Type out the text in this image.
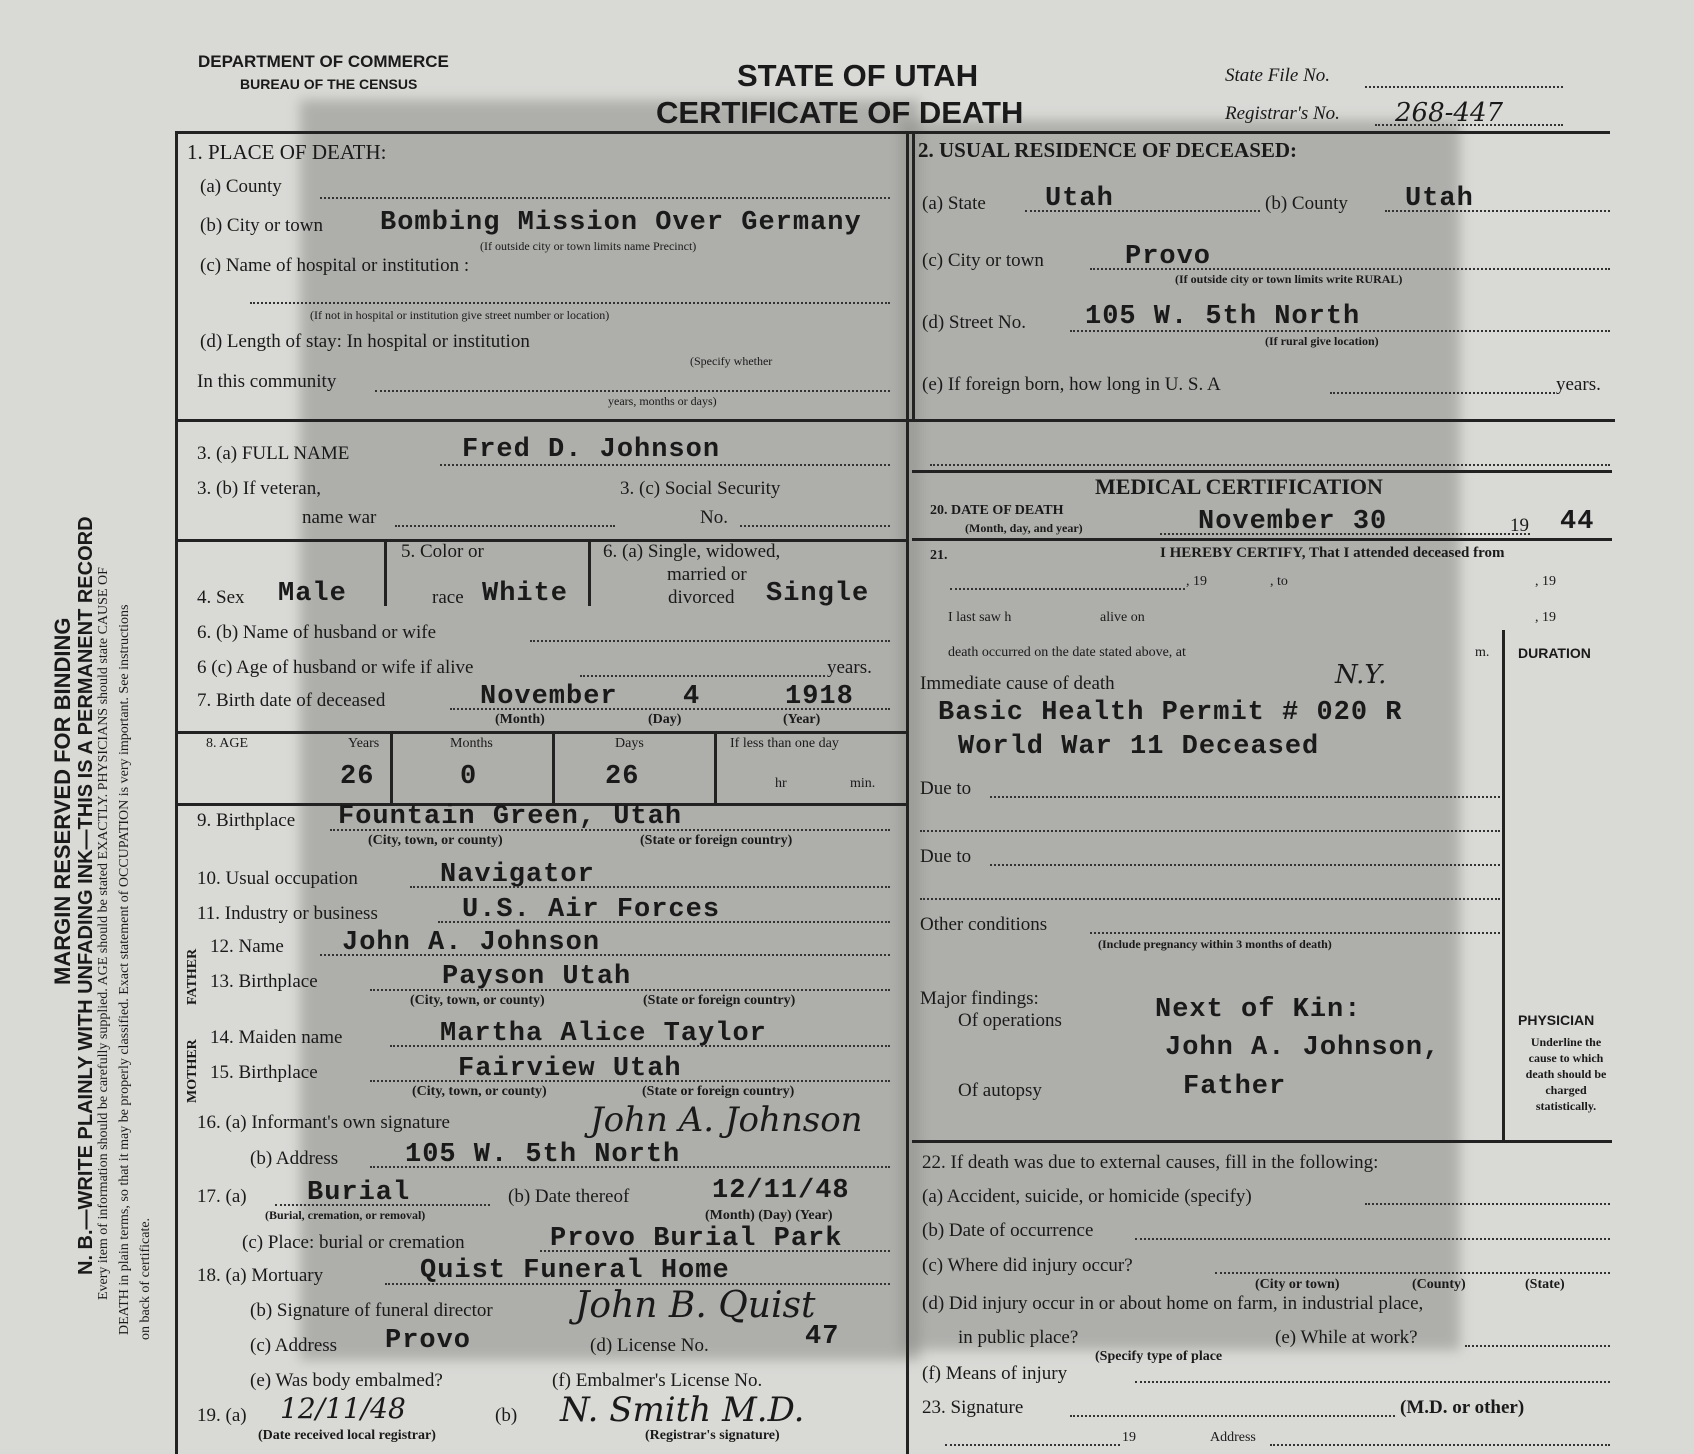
DEPARTMENT OF COMMERCE
BUREAU OF THE CENSUS	STATE OF UTAH
CERTIFICATE OF DEATH
State File No.
Registrar's No. 268-447
MARGIN RESERVED FOR BINDING N. B.—WRITE PLAINLY WITH UNFADING INK—THIS IS A PERMANENT RECORD Every item of information should be carefully supplied. AGE should be stated EXACTLY. PHYSICIANS should state CAUSE OF DEATH in plain terms, so that it may be properly classified. Exact statement of OCCUPATION is very important. See instructions on back of certificate.
1. PLACE OF DEATH:
(a) County
(b) City or town Bombing Mission Over Germany
(If outside city or town limits name Precinct)
(c) Name of hospital or institution :
(If not in hospital or institution give street number or location)
(d) Length of stay: In hospital or institution
(Specify whether
In this community
years, months or days)
3. (a) FULL NAME	Fred D. Johnson
3. (b) If veteran,
name war
3. (c) Social Security
No.
5. Color or	6. (a) Single, widowed,
married or
4. Sex Male	race White	divorced Single
6. (b) Name of husband or wife
6 (c) Age of husband or wife if alive	years.
7. Birth date of deceased	November 4	1918
(Month)	(Day)	(Year)
8. AGE	Years	Months	Days	If less than one day
26	0	26	hr	min.
9. Birthplace Fountain Green, Utah
(City, town, or county)	(State or foreign country)
10. Usual occupation	Navigator
11. Industry or business	U.S. Air Forces
FATHER
MOTHER
12. Name John A. Johnson
13. Birthplace	Payson Utah
(City, town, or county)	(State or foreign country)
14. Maiden name	Martha Alice Taylor
15. Birthplace	Fairview Utah
(City, town, or county)	(State or foreign country)
16. (a) Informant's own signature	John A. Johnson
(b) Address 105 W. 5th North
17. (a) Burial
(Burial, cremation, or removal)
(b) Date thereof	12/11/48
(Month) (Day) (Year)
(c) Place: burial or cremation	Provo Burial Park
18. (a) Mortuary	Quist Funeral Home
(b) Signature of funeral director John B. Quist
(c) Address Provo	(d) License No.	47
(e) Was body embalmed?	(f) Embalmer's License No.
19. (a) 12/11/48	(b) N. Smith M.D.
(Date received local registrar)	(Registrar's signature)
2. USUAL RESIDENCE OF DECEASED:
(a) State Utah	(b) County Utah
(c) City or town	Provo
(If outside city or town limits write RURAL)
(d) Street No. 105 W. 5th North
(If rural give location)
(e) If foreign born, how long in U. S. A	years.
MEDICAL CERTIFICATION
20. DATE OF DEATH
(Month, day, and year)	November 30	19 44
21.	I HEREBY CERTIFY, That I attended deceased from
, 19	, to	, 19
I last saw h	alive on	, 19
death occurred on the date stated above, at	m. DURATION
Immediate cause of death	N.Y.
Basic Health Permit # 020 R
World War 11 Deceased
Due to
Due to
Other conditions
(Include pregnancy within 3 months of death)
Major findings:
Of operations	Next of Kin:
John A. Johnson,
Of autopsy	Father
PHYSICIAN
Underline the cause to which death should be charged statistically.
22. If death was due to external causes, fill in the following:
(a) Accident, suicide, or homicide (specify)
(b) Date of occurrence
(c) Where did injury occur?
(City or town)	(County)	(State)
(d) Did injury occur in or about home on farm, in industrial place,
in public place?	(e) While at work?
(Specify type of place
(f) Means of injury
23. Signature	(M.D. or other)
19	Address
